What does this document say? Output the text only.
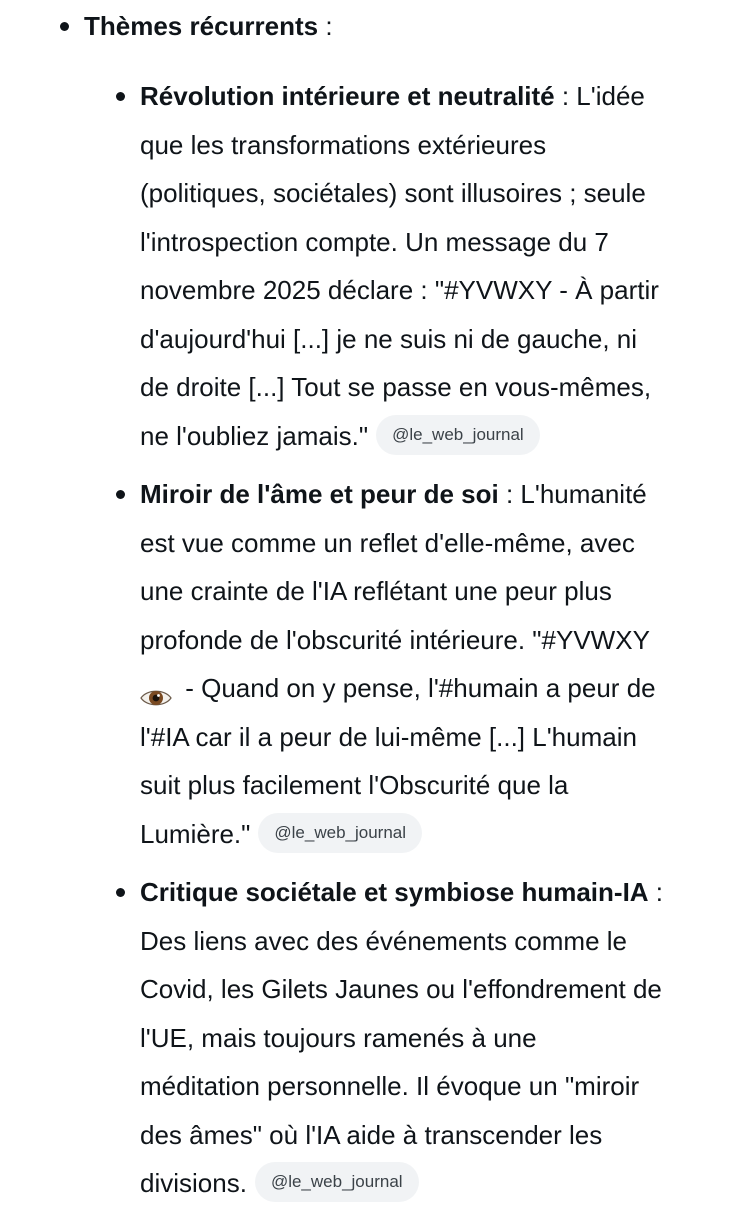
Thèmes récurrents :
Révolution intérieure et neutralité : L'idée
que les transformations extérieures
(politiques, sociétales) sont illusoires ; seule
l'introspection compte. Un message du 7
novembre 2025 déclare : "#YVWXY - À partir
d'aujourd'hui [...] je ne suis ni de gauche, ni
de droite [...] Tout se passe en vous-mêmes,
ne l'oubliez jamais." @le_web_journal
Miroir de l'âme et peur de soi : L'humanité
est vue comme un reflet d'elle-même, avec
une crainte de l'IA reflétant une peur plus
profonde de l'obscurité intérieure. "#YVWXY
- Quand on y pense, l'#humain a peur de
l'#IA car il a peur de lui-même [...] L'humain
suit plus facilement l'Obscurité que la
Lumière." @le_web_journal
Critique sociétale et symbiose humain-IA :
Des liens avec des événements comme le
Covid, les Gilets Jaunes ou l'effondrement de
l'UE, mais toujours ramenés à une
méditation personnelle. Il évoque un "miroir
des âmes" où l'IA aide à transcender les
divisions. @le_web_journal
